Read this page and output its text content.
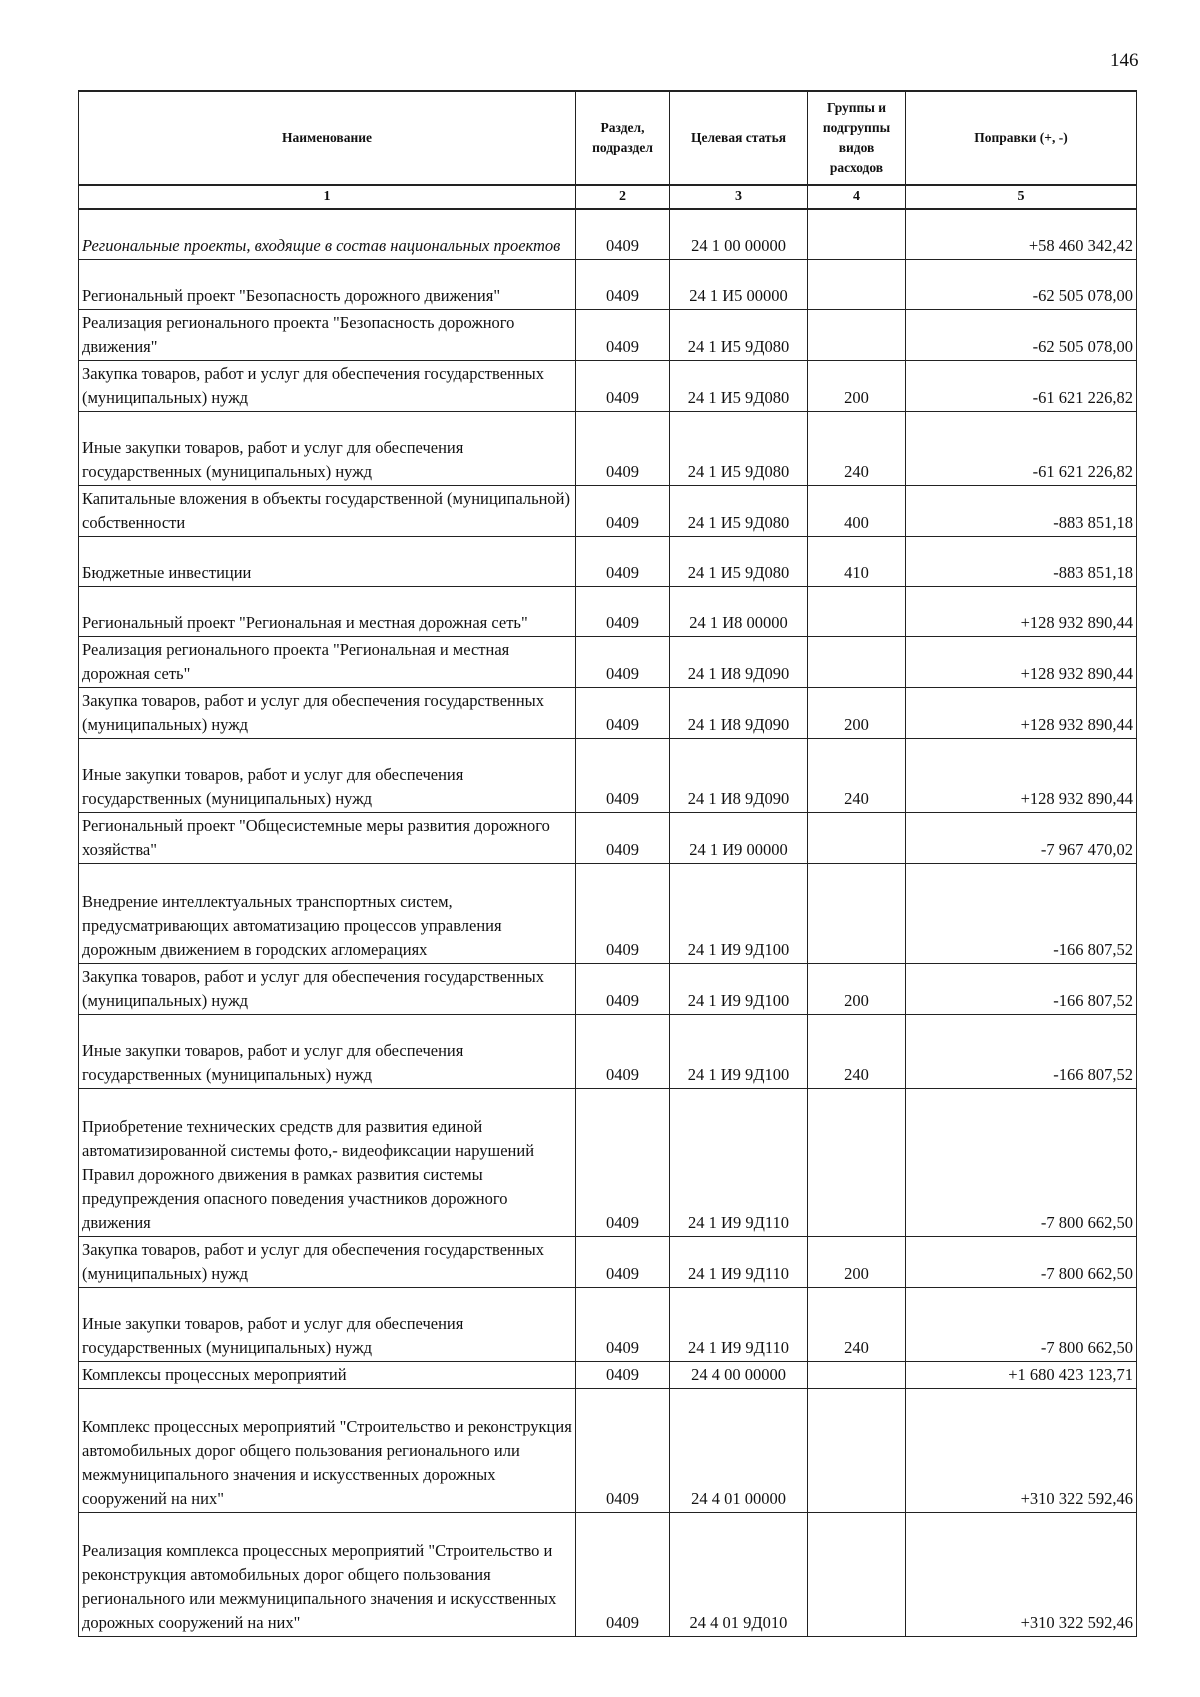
146
Наименование	Раздел, подраздел	Целевая статья	Группы и подгруппы видов расходов	Поправки (+, -)
1	2	3	4	5
Региональные проекты, входящие в состав национальных проектов	0409	24 1 00 00000		+58 460 342,42
Региональный проект "Безопасность дорожного движения"	0409	24 1 И5 00000		-62 505 078,00
Реализация регионального проекта "Безопасность дорожного движения"	0409	24 1 И5 9Д080		-62 505 078,00
Закупка товаров, работ и услуг для обеспечения государственных (муниципальных) нужд	0409	24 1 И5 9Д080	200	-61 621 226,82
Иные закупки товаров, работ и услуг для обеспечения государственных (муниципальных) нужд	0409	24 1 И5 9Д080	240	-61 621 226,82
Капитальные вложения в объекты государственной (муниципальной) собственности	0409	24 1 И5 9Д080	400	-883 851,18
Бюджетные инвестиции	0409	24 1 И5 9Д080	410	-883 851,18
Региональный проект "Региональная и местная дорожная сеть"	0409	24 1 И8 00000		+128 932 890,44
Реализация регионального проекта "Региональная и местная дорожная сеть"	0409	24 1 И8 9Д090		+128 932 890,44
Закупка товаров, работ и услуг для обеспечения государственных (муниципальных) нужд	0409	24 1 И8 9Д090	200	+128 932 890,44
Иные закупки товаров, работ и услуг для обеспечения государственных (муниципальных) нужд	0409	24 1 И8 9Д090	240	+128 932 890,44
Региональный проект "Общесистемные меры развития дорожного хозяйства"	0409	24 1 И9 00000		-7 967 470,02
Внедрение интеллектуальных транспортных систем, предусматривающих автоматизацию процессов управления дорожным движением в городских агломерациях	0409	24 1 И9 9Д100		-166 807,52
Закупка товаров, работ и услуг для обеспечения государственных (муниципальных) нужд	0409	24 1 И9 9Д100	200	-166 807,52
Иные закупки товаров, работ и услуг для обеспечения государственных (муниципальных) нужд	0409	24 1 И9 9Д100	240	-166 807,52
Приобретение технических средств для развития единой автоматизированной системы фото,- видеофиксации нарушений Правил дорожного движения в рамках развития системы предупреждения опасного поведения участников дорожного движения	0409	24 1 И9 9Д110		-7 800 662,50
Закупка товаров, работ и услуг для обеспечения государственных (муниципальных) нужд	0409	24 1 И9 9Д110	200	-7 800 662,50
Иные закупки товаров, работ и услуг для обеспечения государственных (муниципальных) нужд	0409	24 1 И9 9Д110	240	-7 800 662,50
Комплексы процессных мероприятий	0409	24 4 00 00000		+1 680 423 123,71
Комплекс процессных мероприятий "Строительство и реконструкция автомобильных дорог общего пользования регионального или межмуниципального значения и искусственных дорожных сооружений на них"	0409	24 4 01 00000		+310 322 592,46
Реализация комплекса процессных мероприятий "Строительство и реконструкция автомобильных дорог общего пользования регионального или межмуниципального значения и искусственных дорожных сооружений на них"	0409	24 4 01 9Д010		+310 322 592,46
